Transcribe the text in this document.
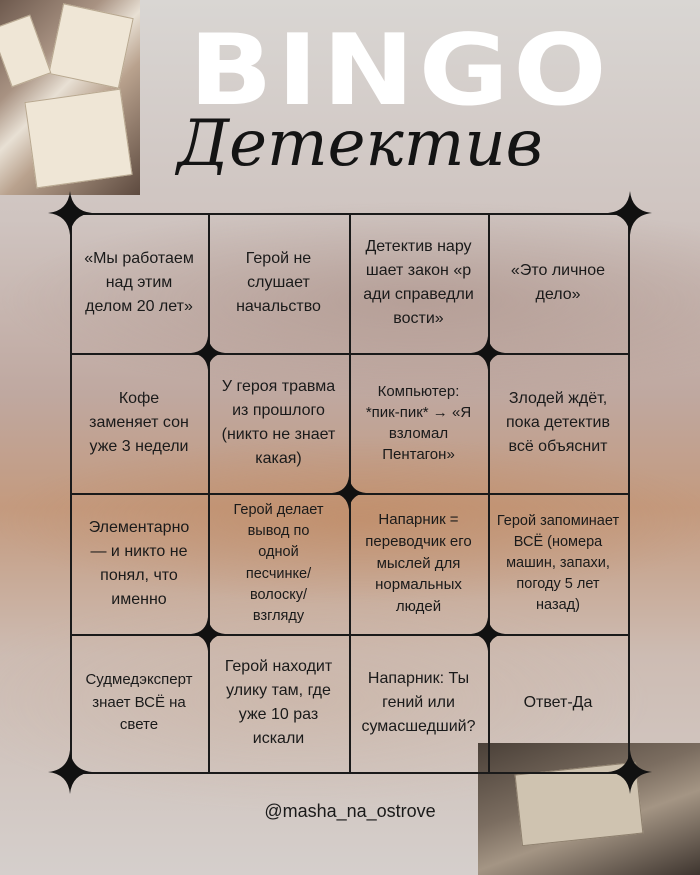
BINGO
Детектив
«Мы работаем над этим делом 20 лет»
Герой не слушает начальство
Детектив нарушает закон «ради справедливости»
«Это личное дело»
Кофе заменяет сон уже 3 недели
У героя травма из прошлого (никто не знает какая)
Компьютер: *пик-пик* → «Я взломал Пентагон»
Злодей ждёт, пока детектив всё объяснит
Элементарно — и никто не понял, что именно
Герой делает вывод по одной песчинке/ волоску/ взгляду
Напарник = переводчик его мыслей для нормальных людей
Герой запоминает ВСЁ (номера машин, запахи, погоду 5 лет назад)
Судмедэксперт знает ВСЁ на свете
Герой находит улику там, где уже 10 раз искали
Напарник: Ты гений или сумасшедший?
Ответ-Да
@masha_na_ostrove
